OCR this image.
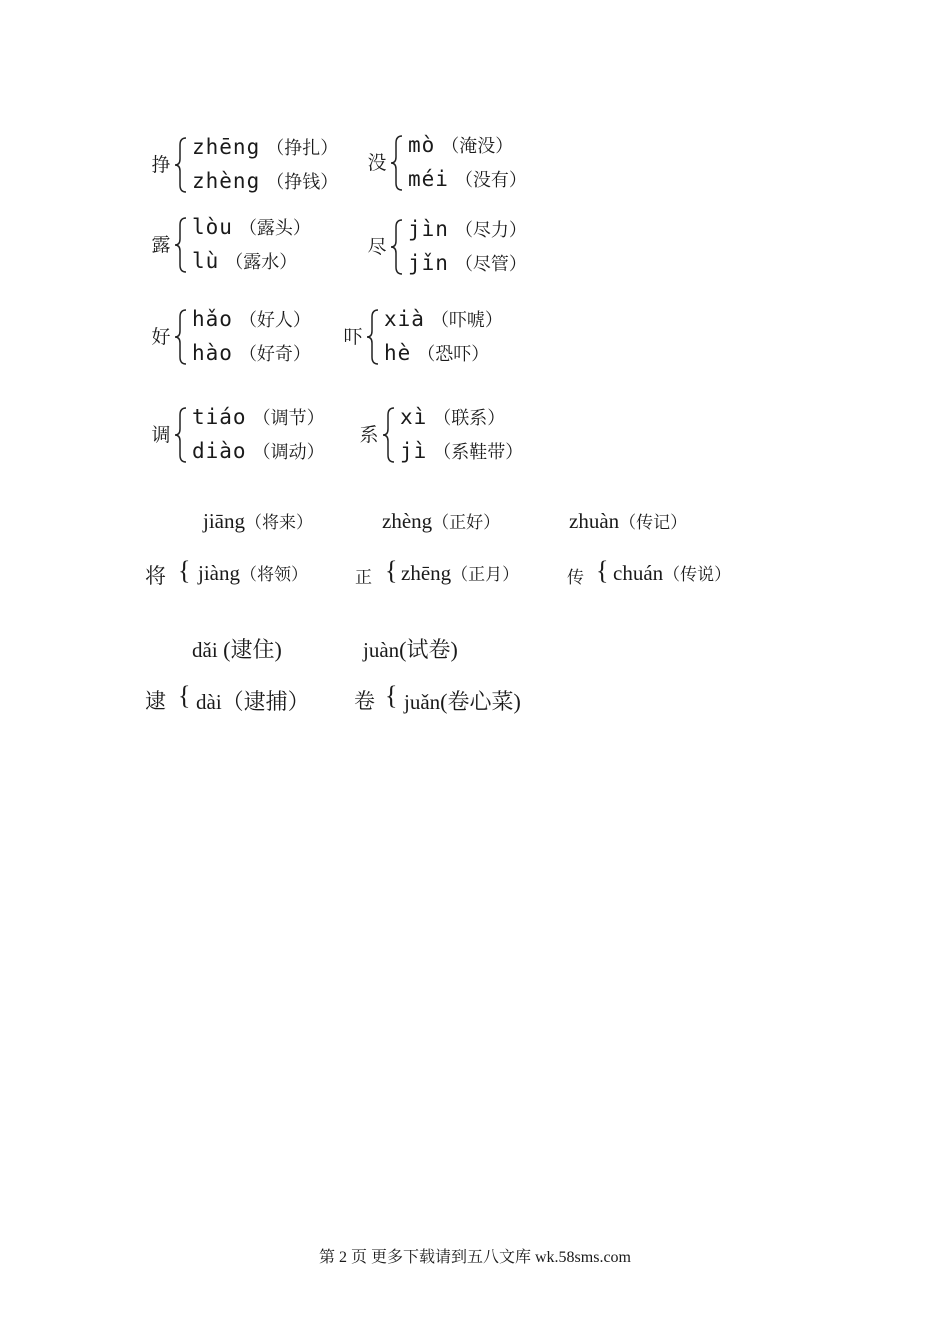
挣
zhēng （挣扎）
zhèng （挣钱）
没
mò （淹没）
méi （没有）
露
lòu （露头）
lù （露水）
尽
jìn （尽力）
jǐn （尽管）
好
hǎo （好人）
hào （好奇）
吓
xià （吓唬）
hè （恐吓）
调
tiáo （调节）
diào （调动）
系
xì （联系）
jì （系鞋带）
jiāng（将来）
将 { jiàng（将领）
zhèng（正好）
正 { zhēng（正月）
zhuàn（传记）
传 { chuán（传说）
dǎi (逮住)
逮 { dài（逮捕）
juàn(试卷)
卷 { juǎn(卷心菜)
第 2 页 更多下载请到五八文库 wk.58sms.com
